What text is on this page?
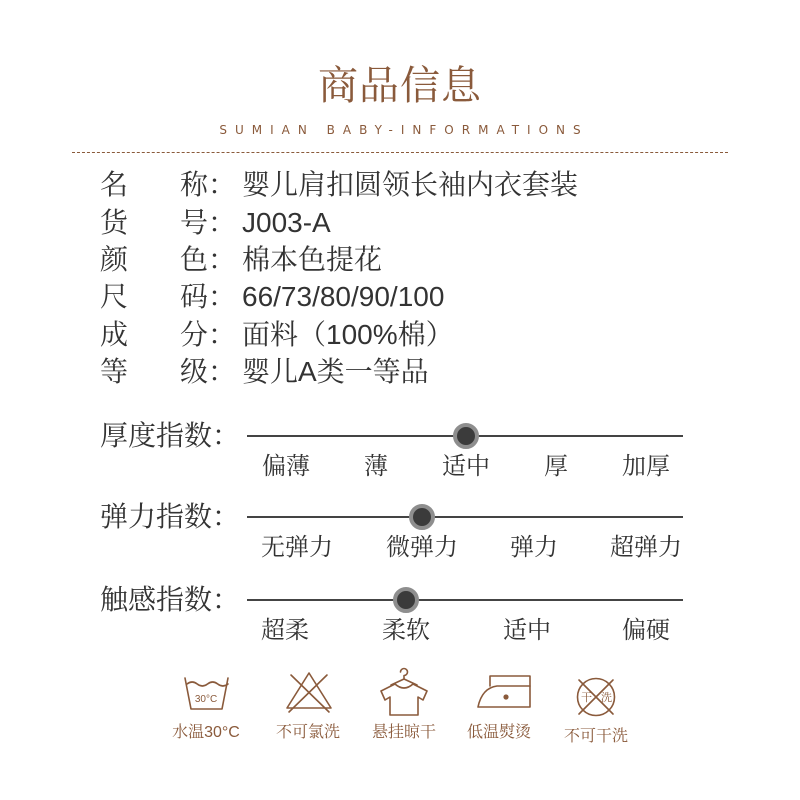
商品信息
SUMIAN BABY-INFORMATIONS
名称 ： 婴儿肩扣圆领长袖内衣套装
货号 ： J003-A
颜色 ： 棉本色提花
尺码 ： 66/73/80/90/100
成分 ： 面料（100%棉）
等级 ： 婴儿A类一等品
厚度指数：
偏薄 薄 适中 厚 加厚
弹力指数：
无弹力 微弹力 弹力 超弹力
触感指数：
超柔	柔软	适中	偏硬
30°C
水温30°C	不可氯洗	悬挂晾干	低温熨烫
干洗
不可干洗
